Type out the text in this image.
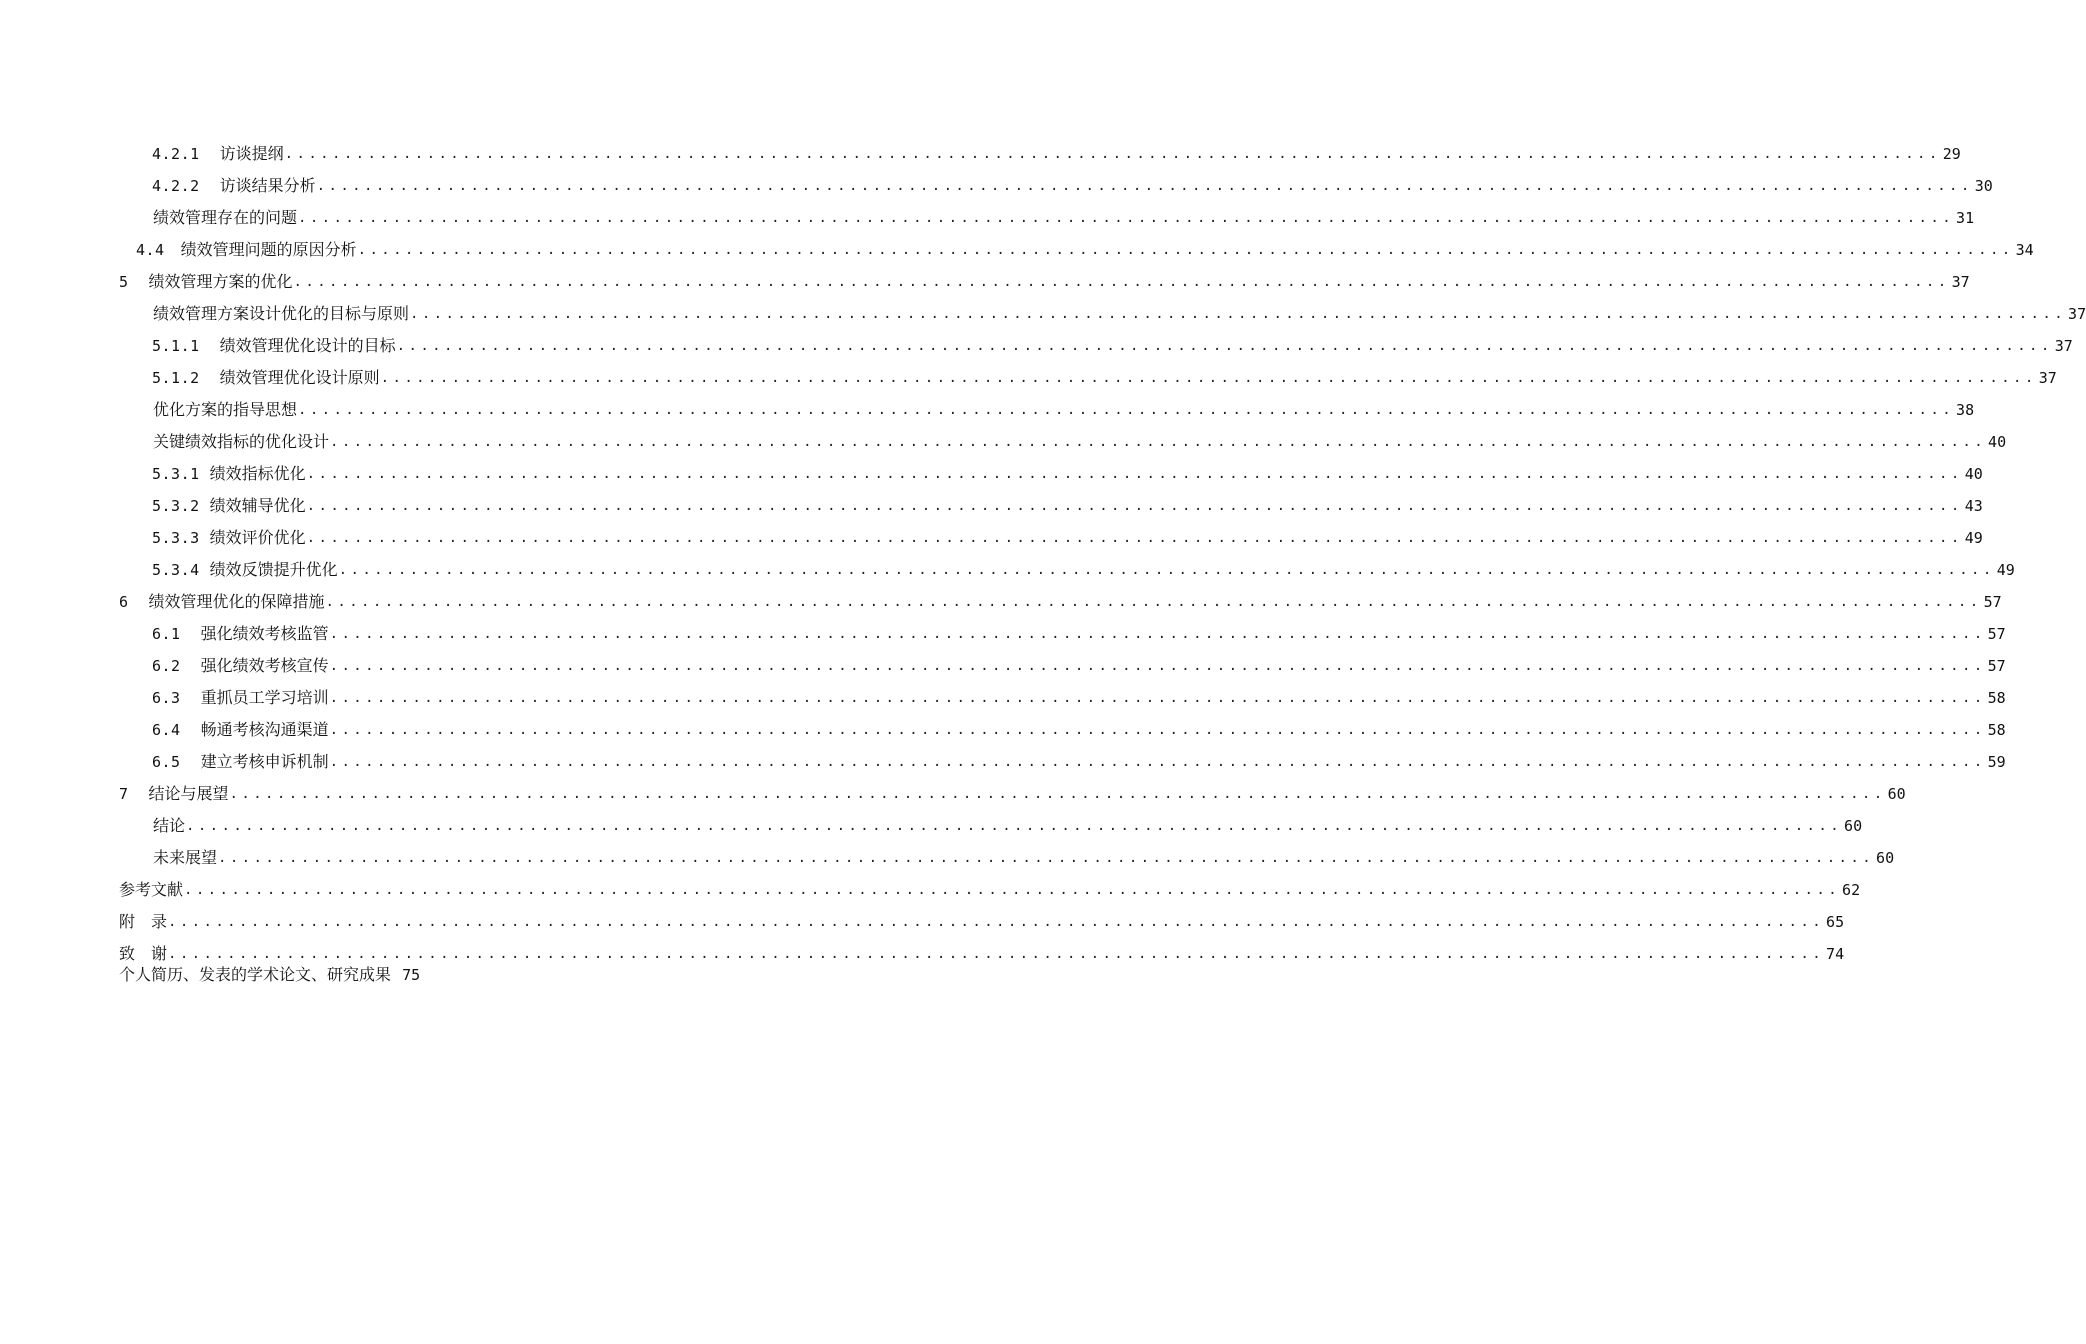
4.2.1 访谈提纲 ............................................................................................................................................ 29
4.2.2 访谈结果分析 ............................................................................................................................................ 30
绩效管理存在的问题 ............................................................................................................................................ 31
4.4 绩效管理问题的原因分析 ............................................................................................................................................ 34
5 绩效管理方案的优化 ............................................................................................................................................ 37
绩效管理方案设计优化的目标与原则 ............................................................................................................................................ 37
5.1.1 绩效管理优化设计的目标 ............................................................................................................................................ 37
5.1.2 绩效管理优化设计原则 ............................................................................................................................................ 37
优化方案的指导思想 ............................................................................................................................................ 38
关键绩效指标的优化设计 ............................................................................................................................................ 40
5.3.1 绩效指标优化 ............................................................................................................................................ 40
5.3.2 绩效辅导优化 ............................................................................................................................................ 43
5.3.3 绩效评价优化 ............................................................................................................................................ 49
5.3.4 绩效反馈提升优化 ............................................................................................................................................ 49
6 绩效管理优化的保障措施 ............................................................................................................................................ 57
6.1 强化绩效考核监管 ............................................................................................................................................ 57
6.2 强化绩效考核宣传 ............................................................................................................................................ 57
6.3 重抓员工学习培训 ............................................................................................................................................ 58
6.4 畅通考核沟通渠道 ............................................................................................................................................ 58
6.5 建立考核申诉机制 ............................................................................................................................................ 59
7 结论与展望 ............................................................................................................................................ 60
结论 ............................................................................................................................................ 60
未来展望 ............................................................................................................................................ 60
参考文献 ............................................................................................................................................ 62
附　录 ............................................................................................................................................ 65
致　谢 ............................................................................................................................................ 74
个人简历、发表的学术论文、研究成果 75
